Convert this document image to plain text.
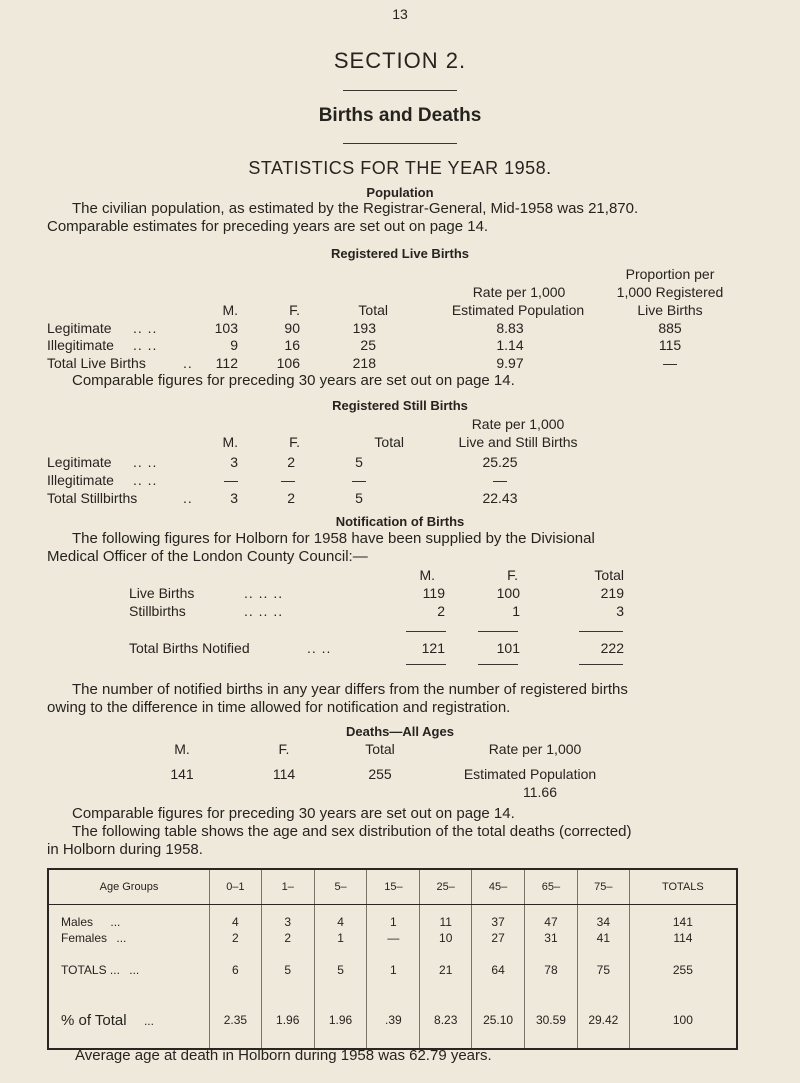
13
SECTION 2.
Births and Deaths
STATISTICS FOR THE YEAR 1958.
Population
The civilian population, as estimated by the Registrar-General, Mid-1958 was 21,870.
Comparable estimates for preceding years are set out on page 14.
Registered Live Births
Proportion per
Rate per 1,000	1,000 Registered
M.	F.	Total	Estimated Population	Live Births
Legitimate .. ..	103	90	193	8.83	885
Illegitimate .. ..	9	16	25	1.14	115
Total Live Births	..	112	106	218	9.97	—
Comparable figures for preceding 30 years are set out on page 14.
Registered Still Births
Rate per 1,000
M.	F.	Total	Live and Still Births
Legitimate .. ..	3	2	5	25.25
Illegitimate .. ..	—	—	—	—
Total Stillbirths	..	3	2	5	22.43
Notification of Births
The following figures for Holborn for 1958 have been supplied by the Divisional
Medical Officer of the London County Council:—
M.	F.	Total
Live Births	.. .. ..	119	100	219
Stillbirths	.. .. ..	2	1	3
Total Births Notified	.. ..	121	101	222
The number of notified births in any year differs from the number of registered births
owing to the difference in time allowed for notification and registration.
Deaths—All Ages
M.	F.	Total	Rate per 1,000
141	114	255	Estimated Population
11.66
Comparable figures for preceding 30 years are set out on page 14.
The following table shows the age and sex distribution of the total deaths (corrected)
in Holborn during 1958.
Age Groups	0–1	1–	5–	15–	25–	45–	65–	75–	TOTALS
Males ...	4	3	4	1	11	37	47	34	141
Females ...	2	2	1	—	10	27	31	41	114
TOTALS ... ...	6	5	5	1	21	64	78	75	255
% of Total ...	2.35	1.96	1.96	.39	8.23	25.10	30.59	29.42	100
Average age at death in Holborn during 1958 was 62.79 years.
